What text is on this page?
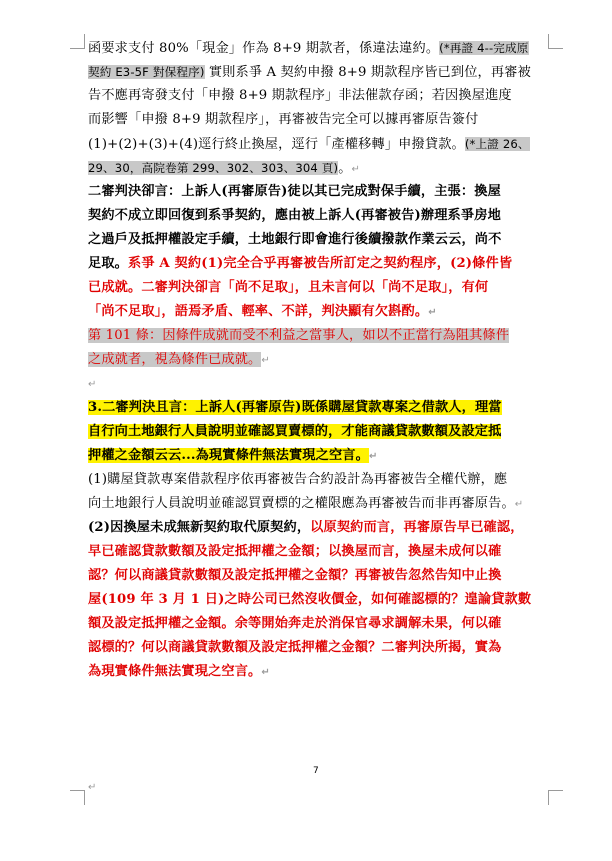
函要求支付 80%「現金」作為 8+9 期款者，係違法違約。(*再證 4--完成原
契約 E3-5F 對保程序) 實則系爭 A 契約申撥 8+9 期款程序皆已到位，再審被
告不應再寄發支付「申撥 8+9 期款程序」非法催款存函；若因換屋進度
而影響「申撥 8+9 期款程序」，再審被告完全可以據再審原告簽付
(1)+(2)+(3)+(4)逕行終止換屋，逕行「產權移轉」申撥貸款。(*上證 26、
29、30，高院卷第 299、302、303、304 頁)。↵
二審判決卻言：上訴人(再審原告)徒以其已完成對保手續，主張：換屋
契約不成立即回復到系爭契約，應由被上訴人(再審被告)辦理系爭房地
之過戶及抵押權設定手續，土地銀行即會進行後續撥款作業云云，尚不
足取。系爭 A 契約(1)完全合乎再審被告所訂定之契約程序，(2)條件皆
已成就。二審判決卻言「尚不足取」，且未言何以「尚不足取」，有何
「尚不足取」，語焉矛盾、輕率、不詳，判決顯有欠斟酌。↵
第 101 條：因條件成就而受不利益之當事人，如以不正當行為阻其條件
之成就者，視為條件已成就。↵
↵
3.二審判決且言：上訴人(再審原告)既係購屋貸款專案之借款人，理當
自行向土地銀行人員說明並確認買賣標的，才能商議貸款數額及設定抵
押權之金額云云...為現實條件無法實現之空言。↵
(1)購屋貸款專案借款程序依再審被告合約設計為再審被告全權代辦，應
向土地銀行人員說明並確認買賣標的之權限應為再審被告而非再審原告。↵
(2)因換屋未成無新契約取代原契約，以原契約而言，再審原告早已確認，
早已確認貸款數額及設定抵押權之金額；以換屋而言，換屋未成何以確
認？何以商議貸款數額及設定抵押權之金額？再審被告忽然告知中止換
屋(109 年 3 月 1 日)之時公司已然沒收價金，如何確認標的？遑論貸款數
額及設定抵押權之金額。余等開始奔走於消保官尋求調解未果，何以確
認標的？何以商議貸款數額及設定抵押權之金額？二審判決所揭，實為
為現實條件無法實現之空言。↵
7
↵
